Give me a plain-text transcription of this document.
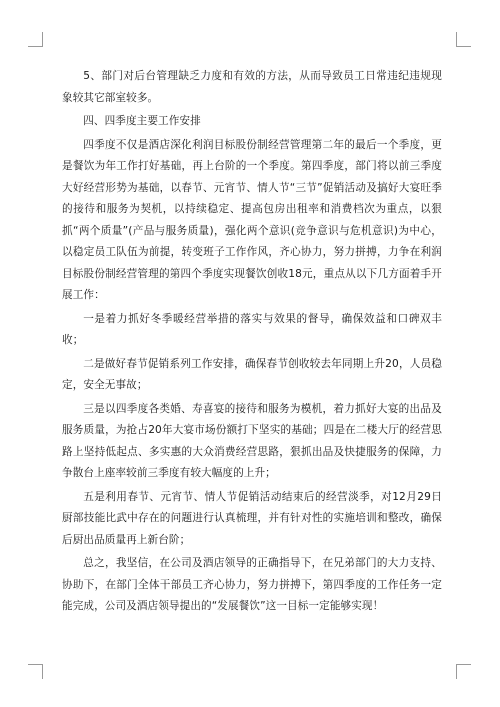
5、部门对后台管理缺乏力度和有效的方法，从而导致员工日常违纪违规现象较其它部室较多。

四、四季度主要工作安排

四季度不仅是酒店深化利润目标股份制经营管理第二年的最后一个季度，更是餐饮为年工作打好基础，再上台阶的一个季度。第四季度，部门将以前三季度大好经营形势为基础，以春节、元宵节、情人节“三节”促销活动及搞好大宴旺季的接待和服务为契机，以持续稳定、提高包房出租率和消费档次为重点，以狠抓“两个质量”(产品与服务质量)，强化两个意识(竞争意识与危机意识)为中心，以稳定员工队伍为前提，转变班子工作作风，齐心协力，努力拼搏，力争在利润目标股份制经营管理的第四个季度实现餐饮创收18元，重点从以下几方面着手开展工作：

一是着力抓好冬季暖经营举措的落实与效果的督导，确保效益和口碑双丰收；

二是做好春节促销系列工作安排，确保春节创收较去年同期上升20，人员稳定，安全无事故；

三是以四季度各类婚、寿喜宴的接待和服务为模机，着力抓好大宴的出品及服务质量，为抢占20年大宴市场份额打下坚实的基础；四是在二楼大厅的经营思路上坚持低起点、多实惠的大众消费经营思路，狠抓出品及快捷服务的保障，力争散台上座率较前三季度有较大幅度的上升；

五是利用春节、元宵节、情人节促销活动结束后的经营淡季，对12月29日厨部技能比武中存在的问题进行认真梳理，并有针对性的实施培训和整改，确保后厨出品质量再上新台阶；

总之，我坚信，在公司及酒店领导的正确指导下，在兄弟部门的大力支持、协助下，在部门全体干部员工齐心协力，努力拼搏下，第四季度的工作任务一定能完成，公司及酒店领导提出的“发展餐饮”这一目标一定能够实现！
